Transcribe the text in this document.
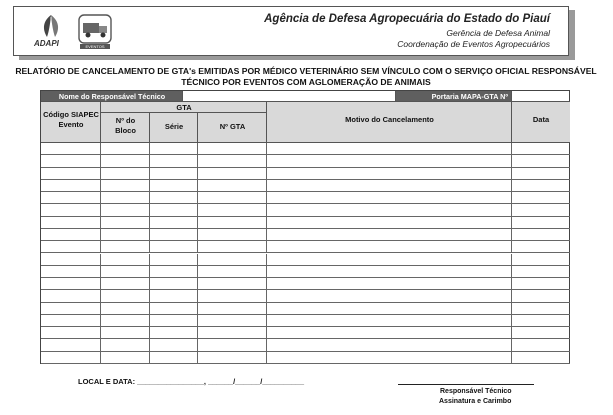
ADAPI	EVENTOS
Agência de Defesa Agropecuária do Estado do Piauí
Gerência de Defesa Animal
Coordenação de Eventos Agropecuários
RELATÓRIO DE CANCELAMENTO DE GTA's EMITIDAS POR MÉDICO VETERINÁRIO SEM VÍNCULO COM O SERVIÇO OFICIAL RESPONSÁVEL
TÉCNICO POR EVENTOS COM AGLOMERAÇÃO DE ANIMAIS
Nome do Responsável Técnico	Portaria MAPA-GTA Nº
Código SIAPEC Evento
GTA
Nº do Bloco	Série	Nº GTA
Motivo do Cancelamento	Data
LOCAL E DATA: ________________, ______/______/__________
Responsável Técnico
Assinatura e Carimbo
